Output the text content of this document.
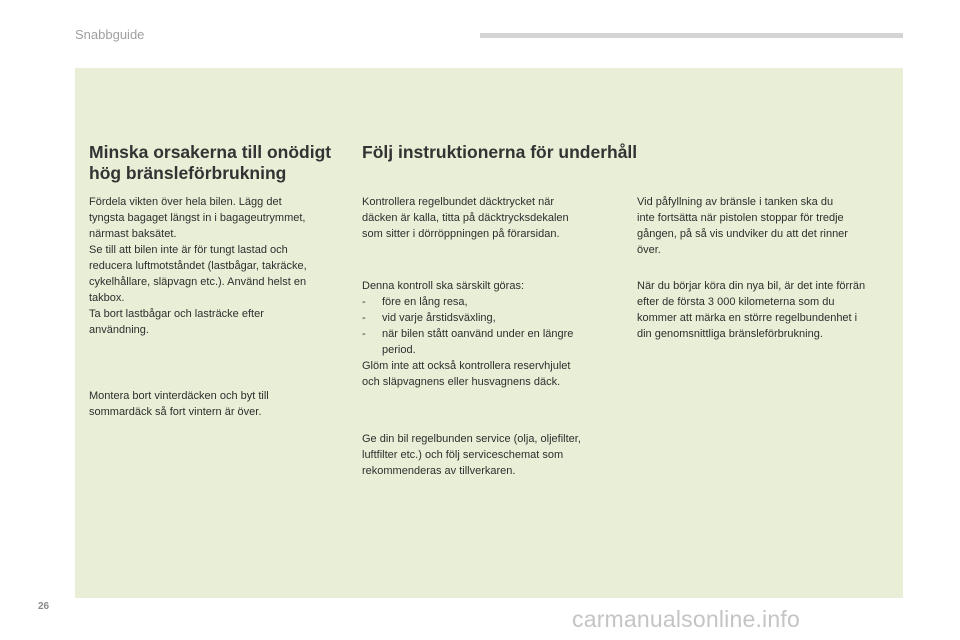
Snabbguide
Minska orsakerna till onödigt
hög bränsleförbrukning
Fördela vikten över hela bilen. Lägg det
tyngsta bagaget längst in i bagageutrymmet,
närmast baksätet.
Se till att bilen inte är för tungt lastad och
reducera luftmotståndet (lastbågar, takräcke,
cykelhållare, släpvagn etc.). Använd helst en
takbox.
Ta bort lastbågar och lasträcke efter
användning.
Montera bort vinterdäcken och byt till
sommardäck så fort vintern är över.
Följ instruktionerna för underhåll
Kontrollera regelbundet däcktrycket när
däcken är kalla, titta på däcktrycksdekalen
som sitter i dörröppningen på förarsidan.
Denna kontroll ska särskilt göras:
-	före en lång resa,
-	vid varje årstidsväxling,
-	när bilen stått oanvänd under en längre
period.
Glöm inte att också kontrollera reservhjulet
och släpvagnens eller husvagnens däck.
Ge din bil regelbunden service (olja, oljefilter,
luftfilter etc.) och följ serviceschemat som
rekommenderas av tillverkaren.
Vid påfyllning av bränsle i tanken ska du
inte fortsätta när pistolen stoppar för tredje
gången, på så vis undviker du att det rinner
över.
När du börjar köra din nya bil, är det inte förrän
efter de första 3 000 kilometerna som du
kommer att märka en större regelbundenhet i
din genomsnittliga bränsleförbrukning.
26	carmanualsonline.info
